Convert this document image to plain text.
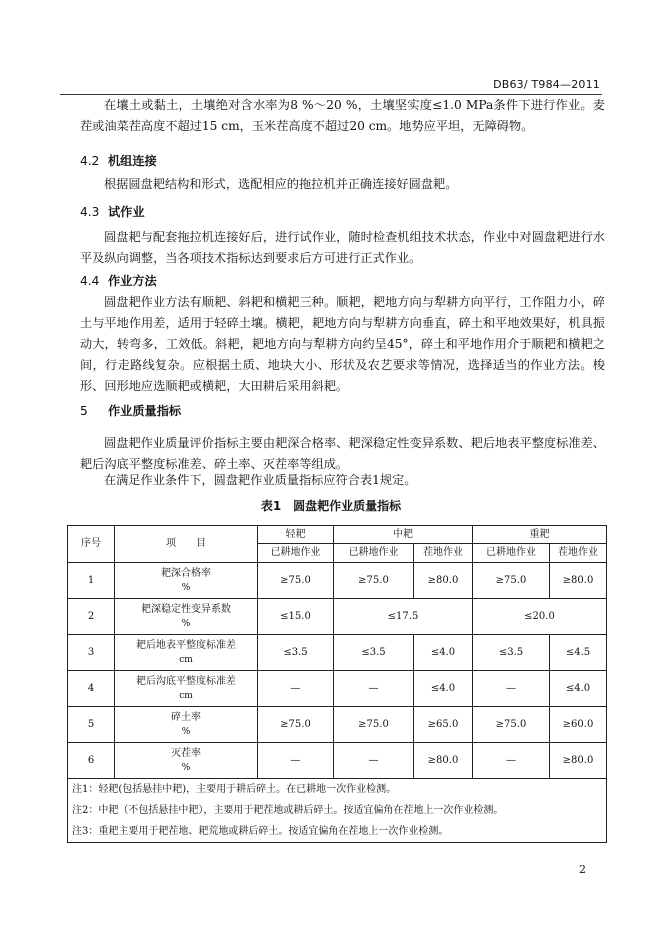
DB63/ T984—2011

在壤土或黏土，土壤绝对含水率为8 %～20 %，土壤坚实度≤1.0 MPa条件下进行作业。麦茬或油菜茬高度不超过15 cm，玉米茬高度不超过20 cm。地势应平坦，无障碍物。

4.2 机组连接

根据圆盘耙结构和形式，选配相应的拖拉机并正确连接好圆盘耙。

4.3 试作业

圆盘耙与配套拖拉机连接好后，进行试作业，随时检查机组技术状态，作业中对圆盘耙进行水平及纵向调整，当各项技术指标达到要求后方可进行正式作业。

4.4 作业方法

圆盘耙作业方法有顺耙、斜耙和横耙三种。顺耙，耙地方向与犁耕方向平行，工作阻力小，碎土与平地作用差，适用于轻碎土壤。横耙，耙地方向与犁耕方向垂直，碎土和平地效果好，机具振动大，转弯多，工效低。斜耙，耙地方向与犁耕方向约呈45°，碎土和平地作用介于顺耙和横耙之间，行走路线复杂。应根据土质、地块大小、形状及农艺要求等情况，选择适当的作业方法。梭形、回形地应选顺耙或横耙，大田耕后采用斜耙。

5 作业质量指标

圆盘耙作业质量评价指标主要由耙深合格率、耙深稳定性变异系数、耙后地表平整度标准差、耙后沟底平整度标准差、碎土率、灭茬率等组成。

在满足作业条件下，圆盘耙作业质量指标应符合表1规定。

表1　圆盘耙作业质量指标
序号	项　　目	轻耙	中耙		重耙	
		已耕地作业	已耕地作业	茬地作业	已耕地作业	茬地作业
1	耙深合格率
%	≥75.0	≥75.0	≥80.0	≥75.0	≥80.0
2	耙深稳定性变异系数
%	≤15.0	≤17.5		≤20.0	
3	耙后地表平整度标准差
cm	≤3.5	≤3.5	≤4.0	≤3.5	≤4.5
4	耙后沟底平整度标准差
cm	—	—	≤4.0	—	≤4.0
5	碎土率
%	≥75.0	≥75.0	≥65.0	≥75.0	≥60.0
6	灭茬率
%	—	—	≥80.0	—	≥80.0

注1：轻耙(包括悬挂中耙)，主要用于耕后碎土。在已耕地一次作业检测。
注2：中耙（不包括悬挂中耙），主要用于耙茬地或耕后碎土。按适宜偏角在茬地上一次作业检测。
注3：重耙主要用于耙茬地、耙荒地或耕后碎土。按适宜偏角在茬地上一次作业检测。						
2
